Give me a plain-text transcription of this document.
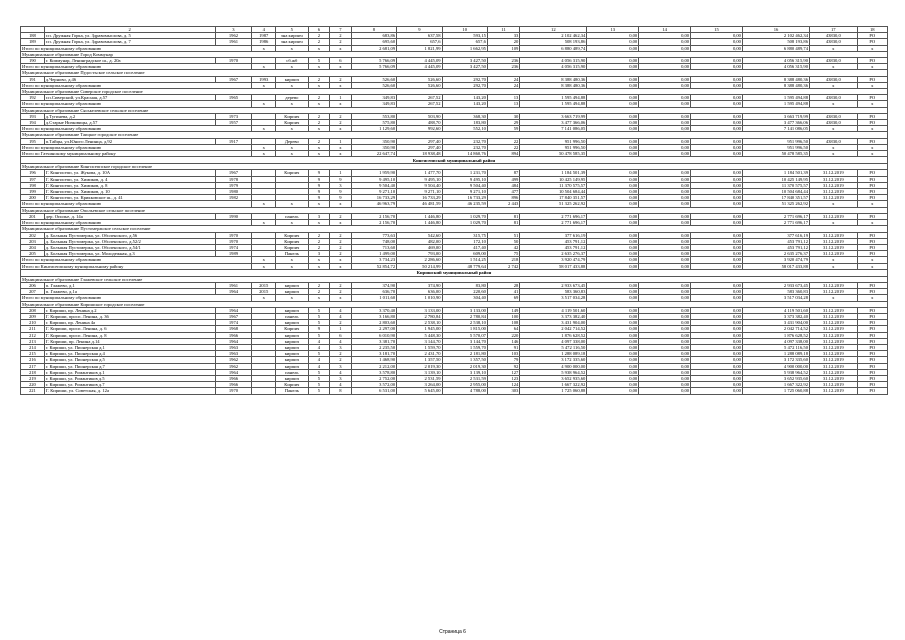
	2	3	4	5	6	7	8	9	10	11	12	13	14	15	16	17	18
188	г.п. Дружная Горка, ул. Здравомыслова, д. 5	1962	1987	эна кирпич	2	2	683,86	637,58	593,15	33	2 102 462,34	0,00	0,00	0,00	2 102 462,34	43830,0	РО
189	г.п. Дружная Горка, ул. Здравомыслова, д. 7	1961	1986	эна кирпич	2	2	695,60	657,6	657,6	20	508 193,86	0,00	0,00	0,00	508 193,86	43830,0	РО
Итого по муниципальному образованию			х	х	х	х	2 681,09	1 821,99	1 662,95	109	6 880 489,74	0,00	0,00	0,00	6 880 489,74	х	х
Муниципальное образование Город Коммунар																	
190	г. Коммунар, Ленинградское ш., д. 20а	1970		сб.жб	5	6	5 766,09	4 445,09	3 427,50	236	4 056 315,90	0,00	0,00	0,00	4 056 315,90	43830,0	РО
Итого по муниципальному образованию			х	х	х	х	5 766,09	4 445,09	3 427,50	236	4 056 315,90	0,00	0,00	0,00	4 056 315,90	х	х
Муниципальное образование Пудостьское сельское поселение																	
191	д.Черново, д.46	1967	1993	кирпич	2	2	526,60	526,60	292,70	24	8 388 480,36	0,00	0,00	0,00	8 388 480,36	43830,0	РО
Итого по муниципальному образованию			х	х	х	х	526,60	526,60	292,70	24	8 388 480,36	0,00	0,00	0,00	8 388 480,36	х	х
Муниципальное образование Сиверское городское поселение																	
192	г.п.Сиверский, ул.Красная, д.57	1965		дерево	2	1	349,83	267,52	143,20	13	1 595 494,88	0,00	0,00	0,00	1 595 494,88	43830,0	РО
Итого по муниципальному образованию			х	х	х	х	349,83	267,52	143,20	13	1 595 494,88	0,00	0,00	0,00	1 595 494,88	х	х
Муниципальное образование Сяськелевское сельское поселение																	
193	д.Тугинева, д.2	1973		Кирпич	2	2	553,80	503,90	368,30	30	3 663 719,99	0,00	0,00	0,00	3 663 719,99	43830,0	РО
194	д.Старые Низковицы, д.57	1957		Кирпич	2	2	575,80	488,70	183,80	29	3 477 366,06	0,00	0,00	0,00	3 477 366,06	43830,0	РО
Итого по муниципальному образованию			х	х	х	х	1 129,60	992,60	552,10	59	7 141 086,05	0,00	0,00	0,00	7 141 086,05	х	х
Муниципальное образование Таицкое городское поселение																	
195	п.Тайцы, ул.Юного Ленинца, д.92	1917		Дерево	2	1	350,90	297,40	232,70	22	951 996,50	0,00	0,00	0,00	951 996,50	43830,0	РО
Итого по муниципальному образованию			х	х	х	х	350,90	297,40	232,70	22	951 996,50	0,00	0,00	0,00	951 996,50	х	х
Итого по Гатчинскому муниципальному району			х	х	х	х	22 647,74	18 938,48	14 860,76	894	50 478 585,35	0,00	0,00	0,00	50 478 585,35	х	х
Кингисеппский муниципальный район																	
Муниципальное образование Кингисеппское городское поселение																	
196	Г. Кингисепп, ул. Жукова, д. 10А	1967		Кирпич	9	1	1 959,90	1 477,70	1 231,70	87	1 184 501,39	0,00	0,00	0,00	1 184 501,39	31.12.2019	РО
197	Г. Кингисепп, ул. Химиков, д. 4	1978			9	9	9 495,10	9 495,10	9 495,10	499	10 425 149,95	0,00	0,00	0,00	10 425 149,95	31.12.2019	РО
198	Г. Кингисепп, ул. Химиков, д. 8	1979			9	3	9 504,40	9 504,40	9 504,40	484	11 370 575,57	0,00	0,00	0,00	11 370 575,57	31.12.2019	РО
199	Г. Кингисепп, ул. Химиков, д. 10	1980			9	9	9 271,10	9 271,10	9 271,10	477	10 504 684,44	0,00	0,00	0,00	10 504 684,44	31.12.2019	РО
200	Г. Кингисепп, ул. Крикковское ш., д. 41	1982			9	9	16 733,29	16 733,29	16 733,29	896	17 840 351,57	0,00	0,00	0,00	17 840 351,57	31.12.2019	РО
Итого по муниципальному образованию			х	х	х	х	46 963,79	46 481,59	46 235,59	2 443	51 325 262,92	0,00	0,00	0,00	51 325 262,92	х	х
Муниципальное образование Опольевское сельское поселение																	
201	дер. Ополье, д. 14а	1990		панель	3	2	2 156,70	1 446,80	1 029,70	81	2 771 696,17	0,00	0,00	0,00	2 771 696,17	31.12.2019	РО
Итого по муниципальному образованию			х	х	х	х	2 156,70	1 446,80	1 029,70	81	2 771 696,17	0,00	0,00	0,00	2 771 696,17	х	х
Муниципальное образование Пустомержское сельское поселение																	
202	д. Большая Пустомержа, ул. Оболенского, д.56	1970		Кирпич	2	2	773,63	542,60	315,75	51	377 616,19	0,00	0,00	0,00	377 616,19	31.12.2019	РО
203	д. Большая Пустомержа, ул. Оболенского, д.52/2	1970		Кирпич	2	2	748,00	482,00	172,10	50	453 791,12	0,00	0,00	0,00	453 791,12	31.12.2019	РО
204	д. Большая Пустомержа, ул. Оболенского, д.54/1	1974		Кирпич	2	2	713,60	469,00	417,40	42	453 791,12	0,00	0,00	0,00	453 791,12	31.12.2019	РО
205	д. Большая Пустомержа, ул. Молодежная, д.3	1989		Панель	3	2	1 499,00	793,00	609,00	75	2 635 276,37	0,00	0,00	0,00	2 635 276,37	31.12.2019	РО
Итого по муниципальному образованию			х	х	х	х	3 734,23	2 286,60	1 514,25	218	3 920 474,79	0,00	0,00	0,00	3 920 474,79	х	х
Итого по Кингисеппскому муниципальному району			х	х	х	х	52 854,72	50 214,99	48 779,64	2 742	58 017 433,88	0,00	0,00	0,00	58 017 433,88	х	х
Киришский муниципальный район																	
Муниципальное образование Глажевское сельское поселение																	
206	п. Глажево, д.1	1961	2015	кирпич	2	2	374,90	374,90	83,80	28	2 933 673,45	0,00	0,00	0,00	2 933 673,45	31.12.2019	РО
207	п. Глажево, д.1а	1964	2015	кирпич	2	2	636,70	636,00	220,60	41	583 360,83	0,00	0,00	0,00	583 360,83	31.12.2019	РО
Итого по муниципальному образованию			х	х	х	х	1 011,60	1 010,90	304,40	69	3 517 034,28	0,00	0,00	0,00	3 517 034,28	х	х
Муниципальное образование Киришское городское поселение																	
208	г. Кириши, пр. Ленина д.2	1964		кирпич	5	4	3 370,40	3 133,00	3 133,00	149	4 119 501,60	0,00	0,00	0,00	4 119 501,60	31.12.2019	РО
209	Г. Кириши, просп. Ленина, д. 36	1967		панель	5	4	3 166,80	2 780,84	2 780,84	100	3 373 382,40	0,00	0,00	0,00	3 373 382,40	31.12.2019	РО
210	г. Кириши, пр. Ленина 4а	1974		кирпич	5	2	2 803,60	2 538,10	2 538,10	108	3 431 904,00	0,00	0,00	0,00	3 431 904,00	31.12.2019	РО
211	Г. Кириши, просп. Ленина, д. 6	1968		Кирпич	9	1	2 297,00	1 945,00	1 815,00	64	2 042 714,52	0,00	0,00	0,00	2 042 714,52	31.12.2019	РО
212	Г. Кириши, просп. Ленина, д. 8	1966		кирпич	5	6	6 010,90	5 448,30	5 570,07	220	1 876 628,52	0,00	0,00	0,00	1 876 628,52	31.12.2019	РО
213	Г. Кириши, пр. Ленина д.14	1964		кирпич	4	4	3 381,70	3 144,70	3 144,70	146	4 097 338,00	0,00	0,00	0,00	4 097 338,00	31.12.2019	РО
214	г. Кириши, ул. Пионерская д.1	1963		кирпич	4	3	2 235,50	1 559,70	1 559,70	91	5 472 116,50	0,00	0,00	0,00	5 472 116,50	31.12.2019	РО
215	г. Кириши, ул. Пионерская д.4	1963		кирпич	5	2	3 181,70	2 431,70	2 181,80	103	1 288 089,18	0,00	0,00	0,00	1 288 089,18	31.12.2019	РО
216	г. Кириши, ул. Пионерская д.5	1962		кирпич	4	2	1 468,90	1 357,50	1 357,50	79	3 172 335,60	0,00	0,00	0,00	3 172 335,60	31.12.2019	РО
217	г. Кириши, ул. Пионерская д.7	1962		кирпич	4	3	2 212,00	2 019,30	2 019,30	92	4 900 000,00	0,00	0,00	0,00	4 900 000,00	31.12.2019	РО
218	г. Кириши, ул. Романтиков д.1	1964		панель	5	4	3 578,80	3 139,10	3 139,10	127	5 938 964,52	0,00	0,00	0,00	5 938 964,52	31.12.2019	РО
219	г. Кириши, ул. Романтиков д.5	1966		кирпич	5	3	2 752,00	2 531,59	2 531,59	123	3 652 935,60	0,00	0,00	0,00	3 652 935,60	31.12.2019	РО
220	г. Кириши, ул. Романтиков д.7	1966		Кирпич	5	4	3 572,00	3 264,00	2 955,00	124	1 667 322,92	0,00	0,00	0,00	1 667 322,92	31.12.2019	РО
221	Г. Кириши, ул. Советская, д. 12а	1970		Панель	5	8	6 531,00	5 645,00	4 788,00	303	1 725 060,88	0,00	0,00	0,00	1 725 060,88	31.12.2019	РО
Страница 6
